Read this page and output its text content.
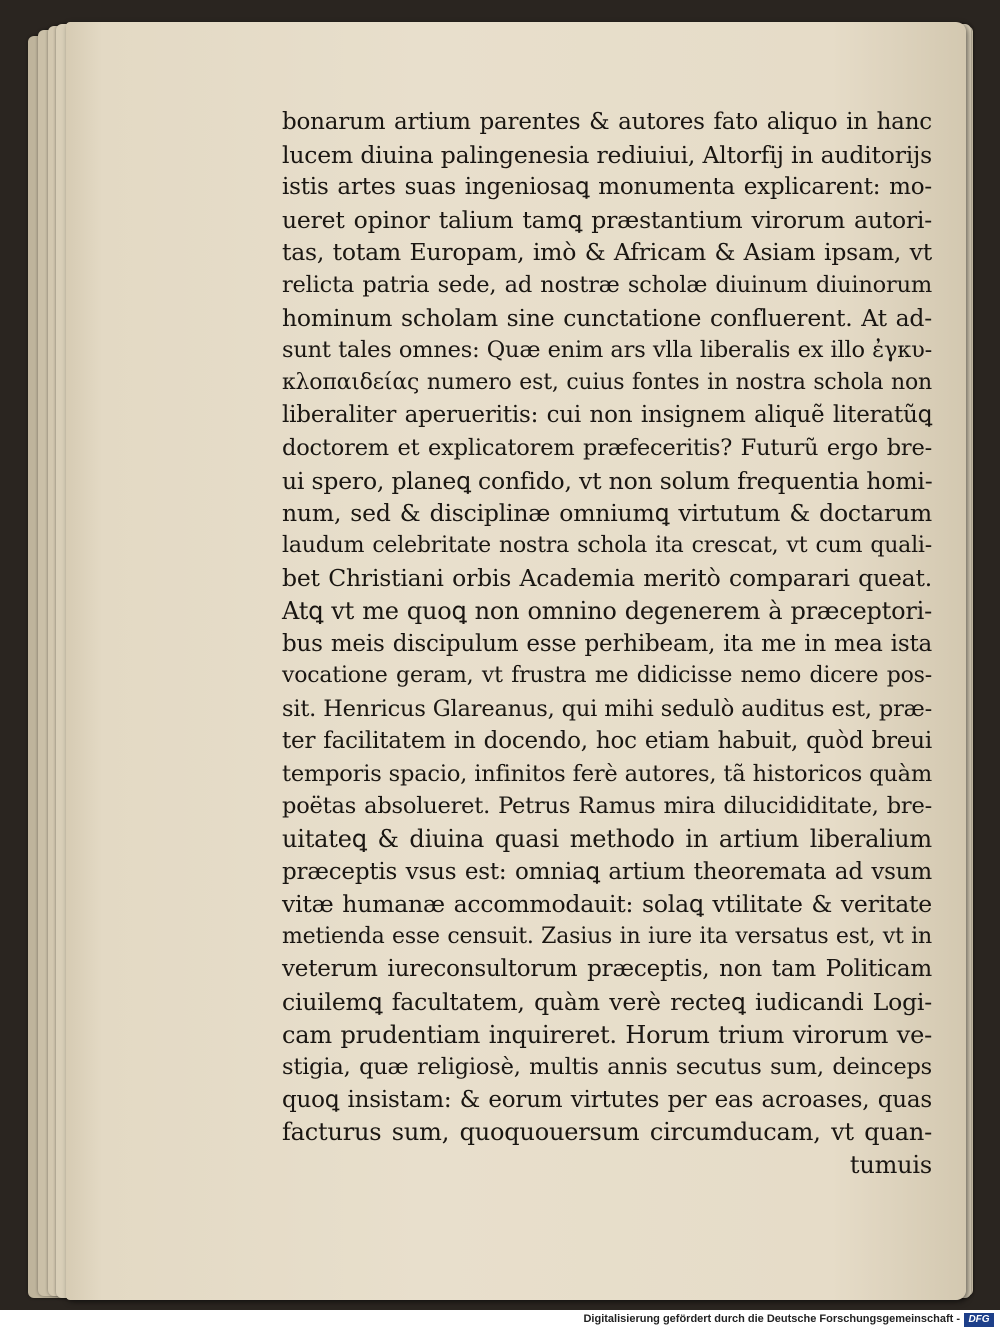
bonarum artium parentes & autores fato aliquo in hanc
lucem diuina palingenesia rediuiui, Altorfij in auditorijs
istis artes suas ingeniosaꝗ monumenta explicarent: mo-
ueret opinor talium tamꝗ præstantium virorum autori-
tas, totam Europam, imò & Africam & Asiam ipsam, vt
relicta patria sede, ad nostræ scholæ diuinum diuinorum
hominum scholam sine cunctatione confluerent. At ad-
sunt tales omnes: Quæ enim ars vlla liberalis ex illo ἐγκυ-
κλοπαιδείας numero est, cuius fontes in nostra schola non
liberaliter aperueritis: cui non insignem aliquẽ literatũꝗ
doctorem et explicatorem præfeceritis? Futurũ ergo bre-
ui spero, planeꝗ confido, vt non solum frequentia homi-
num, sed & disciplinæ omniumꝗ virtutum & doctarum
laudum celebritate nostra schola ita crescat, vt cum quali-
bet Christiani orbis Academia meritò comparari queat.
Atꝗ vt me quoꝗ non omnino degenerem à præceptori-
bus meis discipulum esse perhibeam, ita me in mea ista
vocatione geram, vt frustra me didicisse nemo dicere pos-
sit. Henricus Glareanus, qui mihi sedulò auditus est, præ-
ter facilitatem in docendo, hoc etiam habuit, quòd breui
temporis spacio, infinitos ferè autores, tã historicos quàm
poëtas absolueret. Petrus Ramus mira dilucididitate, bre-
uitateꝗ & diuina quasi methodo in artium liberalium
præceptis vsus est: omniaꝗ artium theoremata ad vsum
vitæ humanæ accommodauit: solaꝗ vtilitate & veritate
metienda esse censuit. Zasius in iure ita versatus est, vt in
veterum iureconsultorum præceptis, non tam Politicam
ciuilemꝗ facultatem, quàm verè recteꝗ iudicandi Logi-
cam prudentiam inquireret. Horum trium virorum ve-
stigia, quæ religiosè, multis annis secutus sum, deinceps
quoꝗ insistam: & eorum virtutes per eas acroases, quas
facturus sum, quoquouersum circumducam, vt quan-
tumuis
Digitalisierung gefördert durch die Deutsche Forschungsgemeinschaft - DFG
